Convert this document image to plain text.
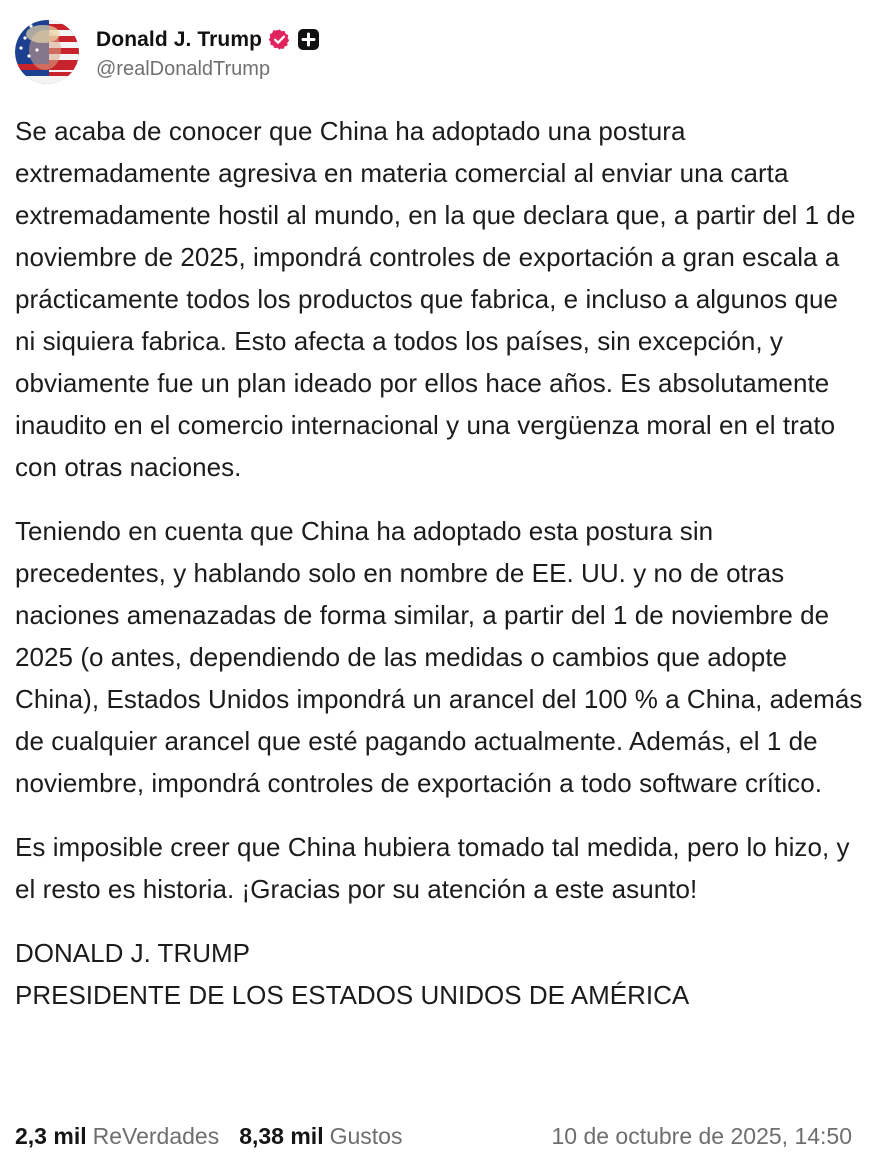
Donald J. Trump
@realDonaldTrump

Se acaba de conocer que China ha adoptado una postura extremadamente agresiva en materia comercial al enviar una carta extremadamente hostil al mundo, en la que declara que, a partir del 1 de noviembre de 2025, impondrá controles de exportación a gran escala a prácticamente todos los productos que fabrica, e incluso a algunos que ni siquiera fabrica. Esto afecta a todos los países, sin excepción, y obviamente fue un plan ideado por ellos hace años. Es absolutamente inaudito en el comercio internacional y una vergüenza moral en el trato con otras naciones.

Teniendo en cuenta que China ha adoptado esta postura sin precedentes, y hablando solo en nombre de EE. UU. y no de otras naciones amenazadas de forma similar, a partir del 1 de noviembre de 2025 (o antes, dependiendo de las medidas o cambios que adopte China), Estados Unidos impondrá un arancel del 100 % a China, además de cualquier arancel que esté pagando actualmente. Además, el 1 de noviembre, impondrá controles de exportación a todo software crítico.

Es imposible creer que China hubiera tomado tal medida, pero lo hizo, y el resto es historia. ¡Gracias por su atención a este asunto!

DONALD J. TRUMP
PRESIDENTE DE LOS ESTADOS UNIDOS DE AMÉRICA
2,3 mil ReVerdades 8,38 mil Gustos	10 de octubre de 2025, 14:50
